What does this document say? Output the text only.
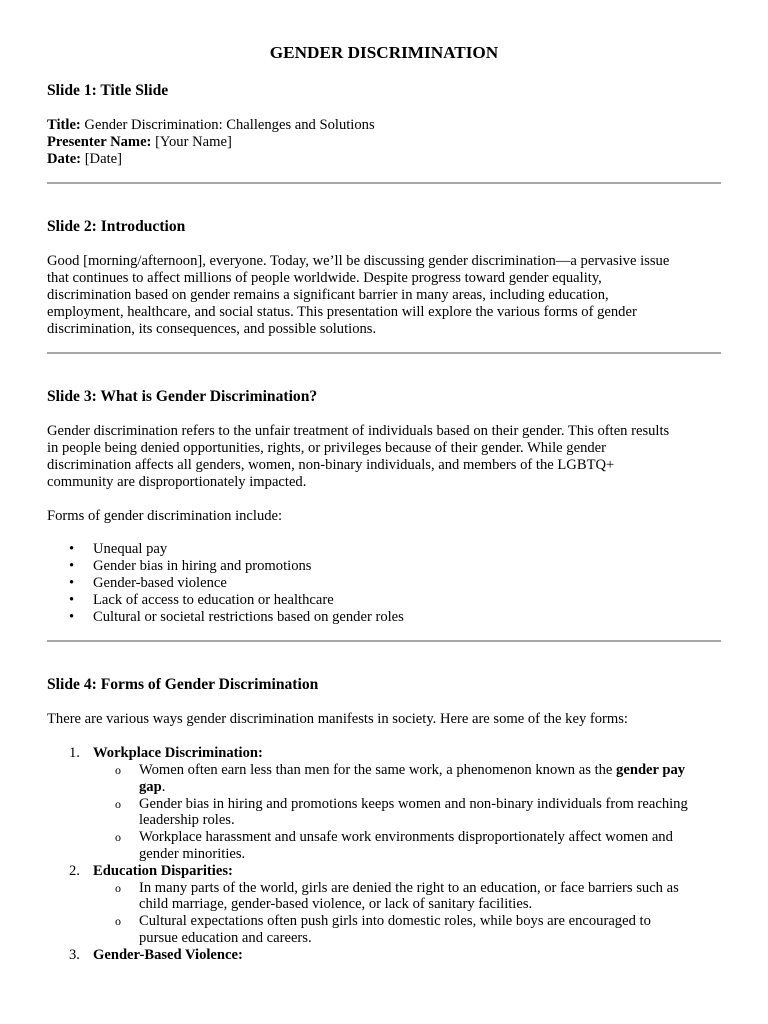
GENDER DISCRIMINATION
Slide 1: Title Slide
Title: Gender Discrimination: Challenges and Solutions
Presenter Name: [Your Name]
Date: [Date]
Slide 2: Introduction
Good [morning/afternoon], everyone. Today, we’ll be discussing gender discrimination—a pervasive issue
that continues to affect millions of people worldwide. Despite progress toward gender equality,
discrimination based on gender remains a significant barrier in many areas, including education,
employment, healthcare, and social status. This presentation will explore the various forms of gender
discrimination, its consequences, and possible solutions.
Slide 3: What is Gender Discrimination?
Gender discrimination refers to the unfair treatment of individuals based on their gender. This often results
in people being denied opportunities, rights, or privileges because of their gender. While gender
discrimination affects all genders, women, non-binary individuals, and members of the LGBTQ+
community are disproportionately impacted.
Forms of gender discrimination include:
• Unequal pay
• Gender bias in hiring and promotions
• Gender-based violence
• Lack of access to education or healthcare
• Cultural or societal restrictions based on gender roles
Slide 4: Forms of Gender Discrimination
There are various ways gender discrimination manifests in society. Here are some of the key forms:
1. Workplace Discrimination:
o Women often earn less than men for the same work, a phenomenon known as the gender pay
gap.
o Gender bias in hiring and promotions keeps women and non-binary individuals from reaching
leadership roles.
o Workplace harassment and unsafe work environments disproportionately affect women and
gender minorities.
2. Education Disparities:
o In many parts of the world, girls are denied the right to an education, or face barriers such as
child marriage, gender-based violence, or lack of sanitary facilities.
o Cultural expectations often push girls into domestic roles, while boys are encouraged to
pursue education and careers.
3. Gender-Based Violence:
